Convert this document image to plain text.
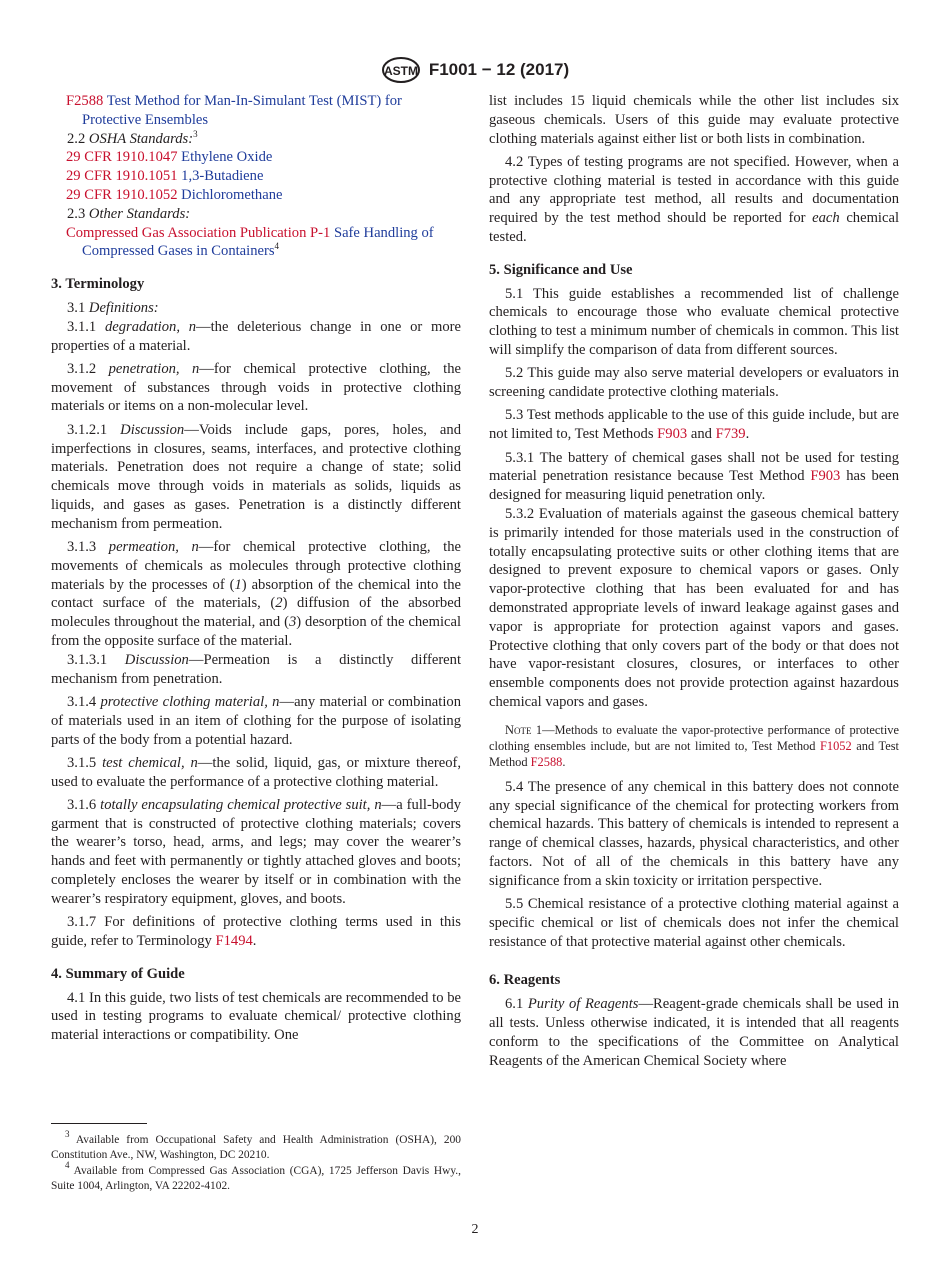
ASTM F1001 − 12 (2017)

F2588 Test Method for Man-In-Simulant Test (MIST) for Protective Ensembles

2.2 OSHA Standards:$^3$

29 CFR 1910.1047 Ethylene Oxide

29 CFR 1910.1051 1,3-Butadiene

29 CFR 1910.1052 Dichloromethane

2.3 Other Standards:

Compressed Gas Association Publication P-1 Safe Handling of Compressed Gases in Containers$^4$

3. Terminology

3.1 Definitions:

3.1.1 degradation, n—the deleterious change in one or more properties of a material.

3.1.2 penetration, n—for chemical protective clothing, the movement of substances through voids in protective clothing materials or items on a non-molecular level.

3.1.2.1 Discussion—Voids include gaps, pores, holes, and imperfections in closures, seams, interfaces, and protective clothing materials. Penetration does not require a change of state; solid chemicals move through voids in materials as solids, liquids as liquids, and gases as gases. Penetration is a distinctly different mechanism from permeation.

3.1.3 permeation, n—for chemical protective clothing, the movements of chemicals as molecules through protective clothing materials by the processes of (1) absorption of the chemical into the contact surface of the materials, (2) diffusion of the absorbed molecules throughout the material, and (3) desorption of the chemical from the opposite surface of the material.

3.1.3.1 Discussion—Permeation is a distinctly different mechanism from penetration.

3.1.4 protective clothing material, n—any material or combination of materials used in an item of clothing for the purpose of isolating parts of the body from a potential hazard.

3.1.5 test chemical, n—the solid, liquid, gas, or mixture thereof, used to evaluate the performance of a protective clothing material.

3.1.6 totally encapsulating chemical protective suit, n—a full-body garment that is constructed of protective clothing materials; covers the wearer’s torso, head, arms, and legs; may cover the wearer’s hands and feet with permanently or tightly attached gloves and boots; completely encloses the wearer by itself or in combination with the wearer’s respiratory equipment, gloves, and boots.

3.1.7 For definitions of protective clothing terms used in this guide, refer to Terminology F1494.

4. Summary of Guide

4.1 In this guide, two lists of test chemicals are recommended to be used in testing programs to evaluate chemical/ protective clothing material interactions or compatibility. One

list includes 15 liquid chemicals while the other list includes six gaseous chemicals. Users of this guide may evaluate protective clothing materials against either list or both lists in combination.

4.2 Types of testing programs are not specified. However, when a protective clothing material is tested in accordance with this guide and any appropriate test method, all results and documentation required by the test method should be reported for each chemical tested.

5. Significance and Use

5.1 This guide establishes a recommended list of challenge chemicals to encourage those who evaluate chemical protective clothing to test a minimum number of chemicals in common. This list will simplify the comparison of data from different sources.

5.2 This guide may also serve material developers or evaluators in screening candidate protective clothing materials.

5.3 Test methods applicable to the use of this guide include, but are not limited to, Test Methods F903 and F739.

5.3.1 The battery of chemical gases shall not be used for testing material penetration resistance because Test Method F903 has been designed for measuring liquid penetration only.

5.3.2 Evaluation of materials against the gaseous chemical battery is primarily intended for those materials used in the construction of totally encapsulating protective suits or other clothing items that are designed to prevent exposure to chemical vapors or gases. Only vapor-protective clothing that has been evaluated for and has demonstrated appropriate levels of inward leakage against gases and vapor is appropriate for protection against vapors and gases. Protective clothing that only covers part of the body or that does not have vapor-resistant closures, closures, or interfaces to other ensemble components does not provide protection against hazardous chemical vapors and gases.

Note 1—Methods to evaluate the vapor-protective performance of protective clothing ensembles include, but are not limited to, Test Method F1052 and Test Method F2588.

5.4 The presence of any chemical in this battery does not connote any special significance of the chemical for protecting workers from chemical hazards. This battery of chemicals is intended to represent a range of chemical classes, hazards, physical characteristics, and other factors. Not of all of the chemicals in this battery have any significance from a skin toxicity or irritation perspective.

5.5 Chemical resistance of a protective clothing material against a specific chemical or list of chemicals does not infer the chemical resistance of that protective material against other chemicals.

6. Reagents

6.1 Purity of Reagents—Reagent-grade chemicals shall be used in all tests. Unless otherwise indicated, it is intended that all reagents conform to the specifications of the Committee on Analytical Reagents of the American Chemical Society where

$^3$ Available from Occupational Safety and Health Administration (OSHA), 200 Constitution Ave., NW, Washington, DC 20210.

$^4$ Available from Compressed Gas Association (CGA), 1725 Jefferson Davis Hwy., Suite 1004, Arlington, VA 22202-4102.

2
